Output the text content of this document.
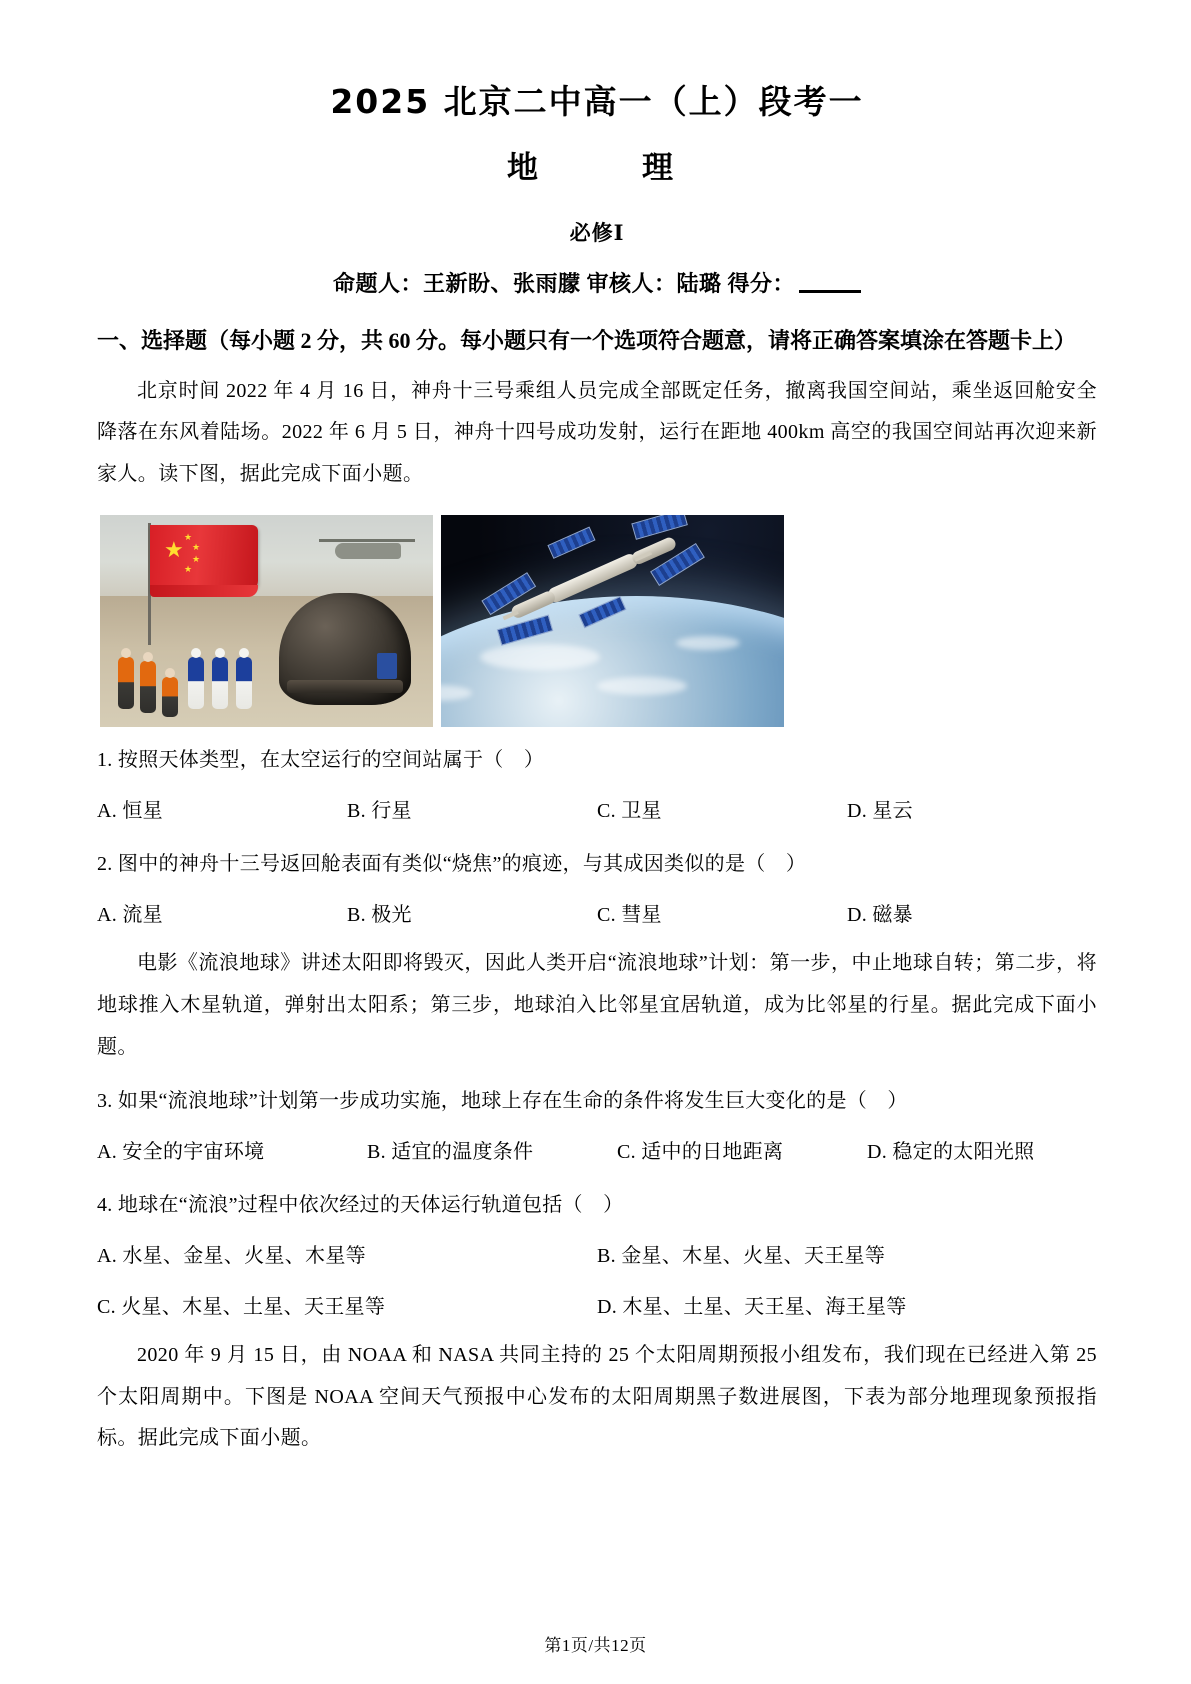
2025 北京二中高一（上）段考一
地　　理
必修Ⅰ
命题人：王新盼、张雨朦 审核人：陆璐 得分：
一、选择题（每小题 2 分，共 60 分。每小题只有一个选项符合题意，请将正确答案填涂在答题卡上）
北京时间 2022 年 4 月 16 日，神舟十三号乘组人员完成全部既定任务，撤离我国空间站，乘坐返回舱安全降落在东风着陆场。2022 年 6 月 5 日，神舟十四号成功发射，运行在距地 400km 高空的我国空间站再次迎来新家人。读下图，据此完成下面小题。
★ ★
★
★
★
1. 按照天体类型，在太空运行的空间站属于（　）
A. 恒星	B. 行星	C. 卫星	D. 星云
2. 图中的神舟十三号返回舱表面有类似“烧焦”的痕迹，与其成因类似的是（　）
A. 流星	B. 极光	C. 彗星	D. 磁暴
电影《流浪地球》讲述太阳即将毁灭，因此人类开启“流浪地球”计划：第一步，中止地球自转；第二步，将地球推入木星轨道，弹射出太阳系；第三步，地球泊入比邻星宜居轨道，成为比邻星的行星。据此完成下面小题。
3. 如果“流浪地球”计划第一步成功实施，地球上存在生命的条件将发生巨大变化的是（　）
A. 安全的宇宙环境	B. 适宜的温度条件	C. 适中的日地距离	D. 稳定的太阳光照
4. 地球在“流浪”过程中依次经过的天体运行轨道包括（　）
A. 水星、金星、火星、木星等	B. 金星、木星、火星、天王星等
C. 火星、木星、土星、天王星等	D. 木星、土星、天王星、海王星等
2020 年 9 月 15 日，由 NOAA 和 NASA 共同主持的 25 个太阳周期预报小组发布，我们现在已经进入第 25 个太阳周期中。下图是 NOAA 空间天气预报中心发布的太阳周期黑子数进展图，下表为部分地理现象预报指标。据此完成下面小题。
第1页/共12页
